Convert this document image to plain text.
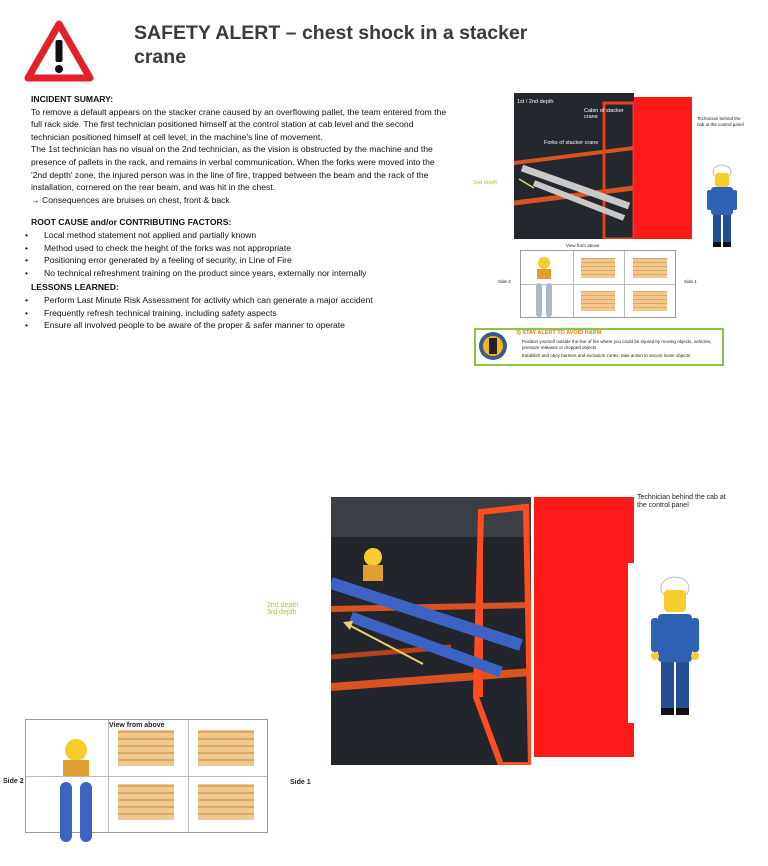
SAFETY ALERT – chest shock in a stacker crane

INCIDENT SUMARY:

To remove a default appears on the stacker crane caused by an overflowing pallet, the team entered from the full rack side. The first technician positioned himself at the control station at cab level and the second technician positioned himself at cell level, in the machine's line of movement.

The 1st technician has no visual on the 2nd technician, as the vision is obstructed by the machine and the presence of pallets in the rack, and remains in verbal communication. When the forks were moved into the '2nd depth' zone, the injured person was in the line of fire, trapped between the beam and the rack of the installation, cornered on the rear beam, and was hit in the chest.

→ Consequences are bruises on chest, front & back

ROOT CAUSE and/or CONTRIBUTING FACTORS:

• Local method statement not applied and partially known
• Method used to check the height of the forks was not appropriate
• Positioning error generated by a feeling of security, in Line of Fire
• No technical refreshment training on the product since years, externally nor internally

LESSONS LEARNED:

• Perform Last Minute Risk Assessment for activity which can generate a major accident
• Frequently refresh technical training, including safety aspects
• Ensure all involved people to be aware of the proper & safer manner to operate
1st / 2nd depth
Cabin of stacker crane
Forks of stacker crane
2nd depth
Technician behind the cab at the control panel
View from above
Side 2	Side 1
3) STAY ALERT TO AVOID HARM
Position yourself outside the line of fire where you could be injured by moving objects, vehicles, pressure releases or dropped objects
Establish and obey barriers and exclusion zones; take action to secure loose objects
2nd depth
3rd depth
Technician behind the cab at the control panel
View from above
Side 2	Side 1
